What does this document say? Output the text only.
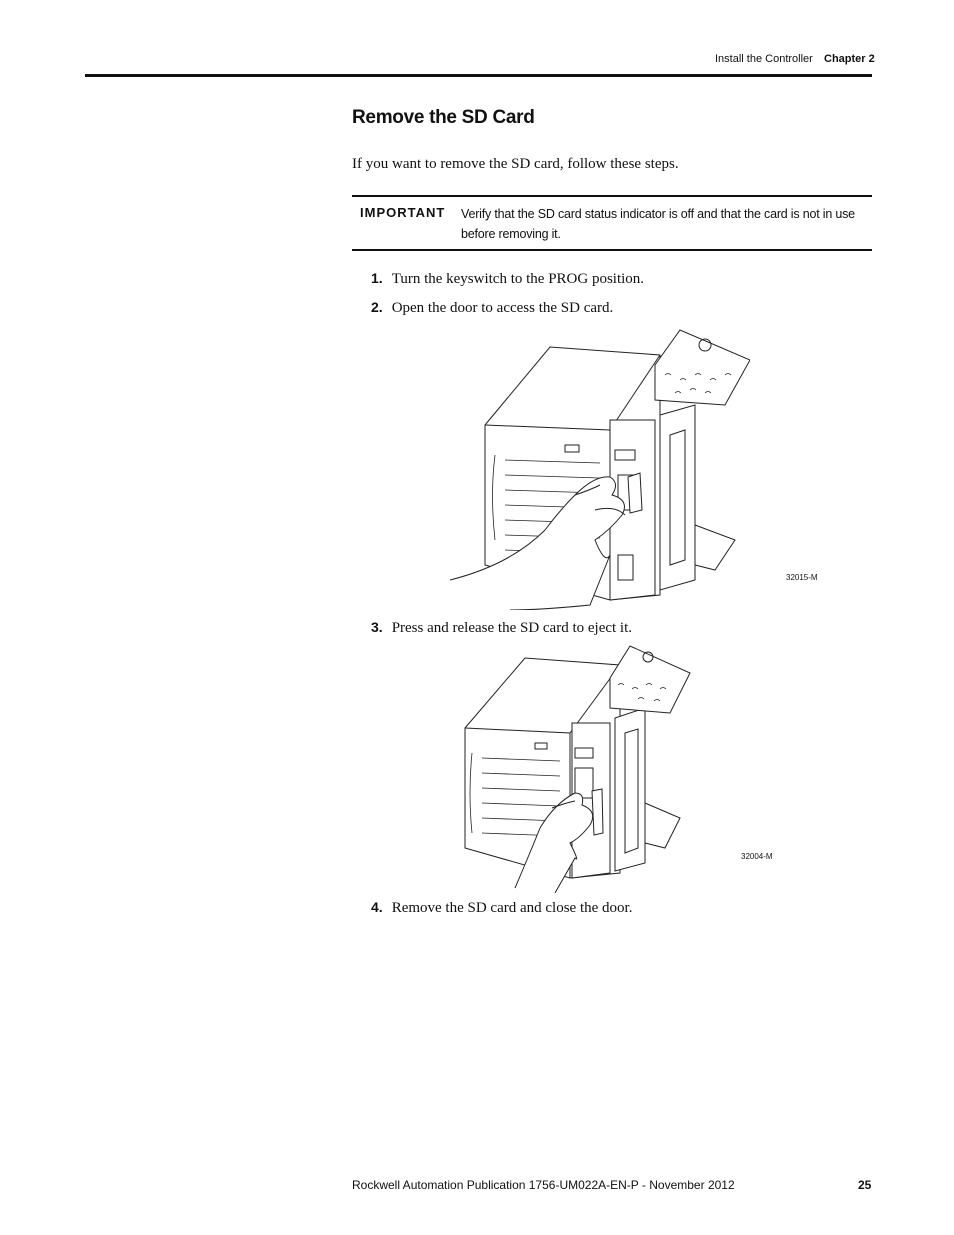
Install the Controller Chapter 2
Remove the SD Card

If you want to remove the SD card, follow these steps.

IMPORTANT Verify that the SD card status indicator is off and that the card is not in use before removing it.
1. Turn the keyswitch to the PROG position.
2. Open the door to access the SD card.
32015-M
3. Press and release the SD card to eject it.
32004-M
4. Remove the SD card and close the door.
Rockwell Automation Publication 1756-UM022A-EN-P - November 2012	25
